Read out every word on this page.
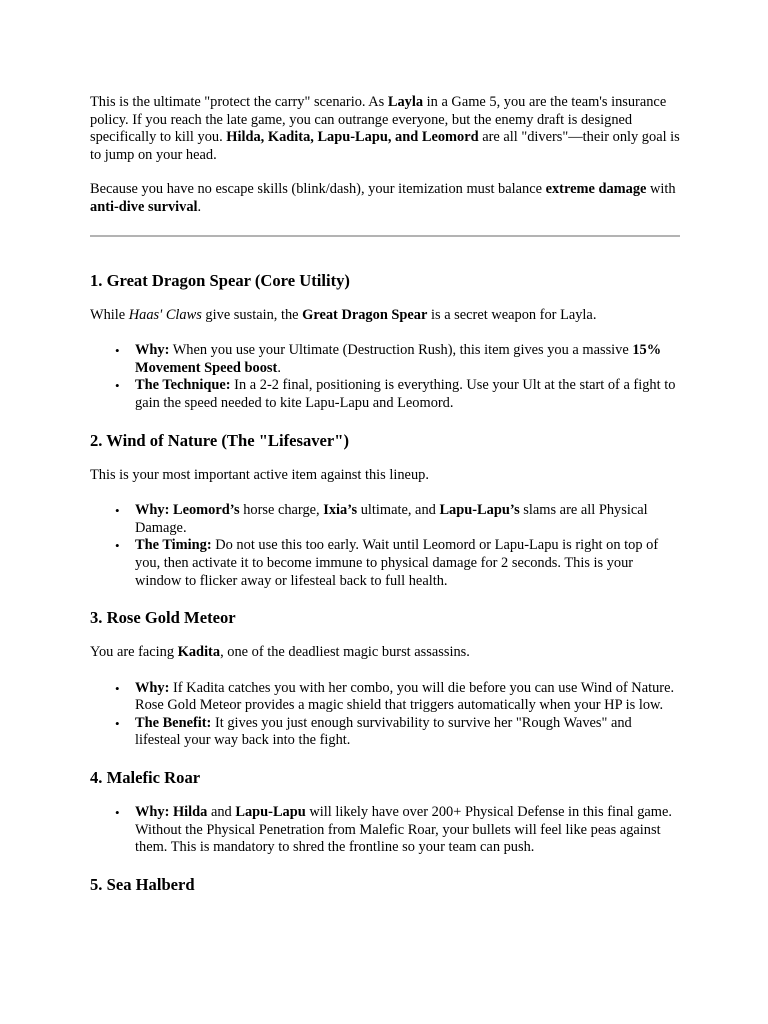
This is the ultimate "protect the carry" scenario. As Layla in a Game 5, you are the team's insurance policy. If you reach the late game, you can outrange everyone, but the enemy draft is designed specifically to kill you. Hilda, Kadita, Lapu-Lapu, and Leomord are all "divers"—their only goal is to jump on your head.

Because you have no escape skills (blink/dash), your itemization must balance extreme damage with anti-dive survival.

1. Great Dragon Spear (Core Utility)

While Haas' Claws give sustain, the Great Dragon Spear is a secret weapon for Layla.

• Why: When you use your Ultimate (Destruction Rush), this item gives you a massive 15% Movement Speed boost.
• The Technique: In a 2-2 final, positioning is everything. Use your Ult at the start of a fight to gain the speed needed to kite Lapu-Lapu and Leomord.
2. Wind of Nature (The "Lifesaver")

This is your most important active item against this lineup.

• Why: Leomord’s horse charge, Ixia’s ultimate, and Lapu-Lapu’s slams are all Physical Damage.
• The Timing: Do not use this too early. Wait until Leomord or Lapu-Lapu is right on top of you, then activate it to become immune to physical damage for 2 seconds. This is your window to flicker away or lifesteal back to full health.
3. Rose Gold Meteor

You are facing Kadita, one of the deadliest magic burst assassins.

• Why: If Kadita catches you with her combo, you will die before you can use Wind of Nature. Rose Gold Meteor provides a magic shield that triggers automatically when your HP is low.
• The Benefit: It gives you just enough survivability to survive her "Rough Waves" and lifesteal your way back into the fight.
4. Malefic Roar
• Why: Hilda and Lapu-Lapu will likely have over 200+ Physical Defense in this final game. Without the Physical Penetration from Malefic Roar, your bullets will feel like peas against them. This is mandatory to shred the frontline so your team can push.
5. Sea Halberd
